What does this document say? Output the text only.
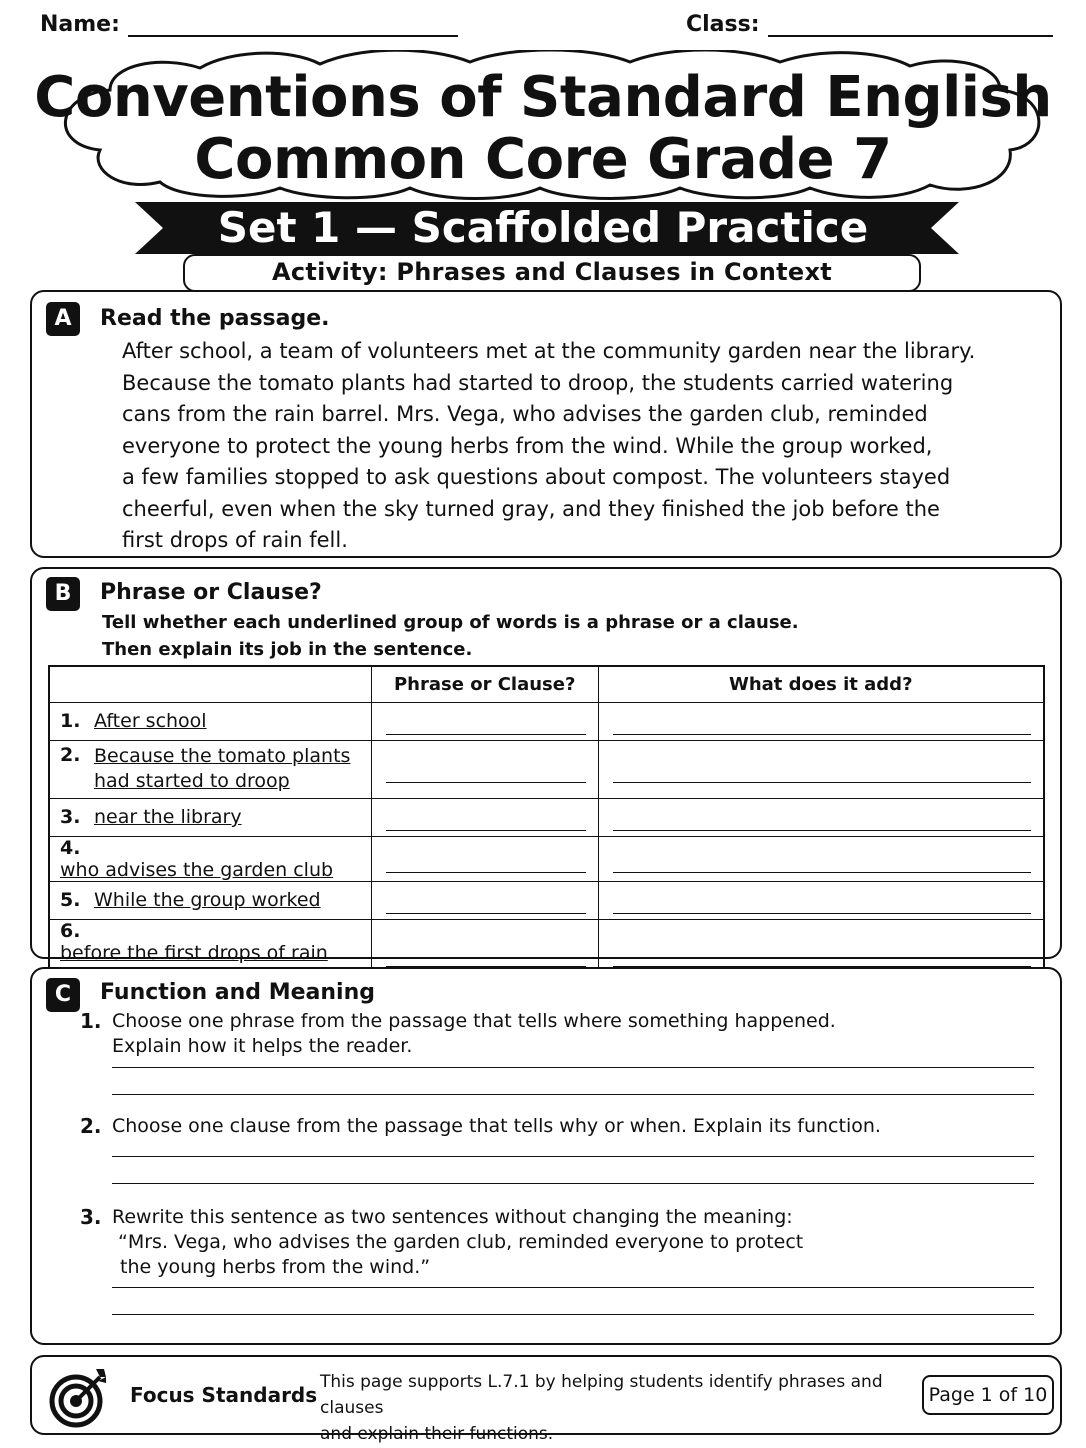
Name:	Class:
Conventions of Standard English
Common Core Grade 7
Set 1 — Scaffolded Practice
Activity: Phrases and Clauses in Context
A	Read the passage.
After school, a team of volunteers met at the community garden near the library.
Because the tomato plants had started to droop, the students carried watering
cans from the rain barrel. Mrs. Vega, who advises the garden club, reminded
everyone to protect the young herbs from the wind. While the group worked,
a few families stopped to ask questions about compost. The volunteers stayed
cheerful, even when the sky turned gray, and they finished the job before the
first drops of rain fell.
B	Phrase or Clause?
Tell whether each underlined group of words is a phrase or a clause.
Then explain its job in the sentence.
	Phrase or Clause?	What does it add?
1. After school	

2. Because the tomato plants
had started to droop	

3. near the library	

4.who advises the garden club	

5. While the group worked	

6.before the first drops of rain	

C	Function and Meaning
1. Choose one phrase from the passage that tells where something happened.
Explain how it helps the reader.
2. Choose one clause from the passage that tells why or when. Explain its function.
3. Rewrite this sentence as two sentences without changing the meaning:
“Mrs. Vega, who advises the garden club, reminded everyone to protect
the young herbs from the wind.”
Focus Standards
This page supports L.7.1 by helping students identify phrases and clauses
and explain their functions.
Page 1 of 10
